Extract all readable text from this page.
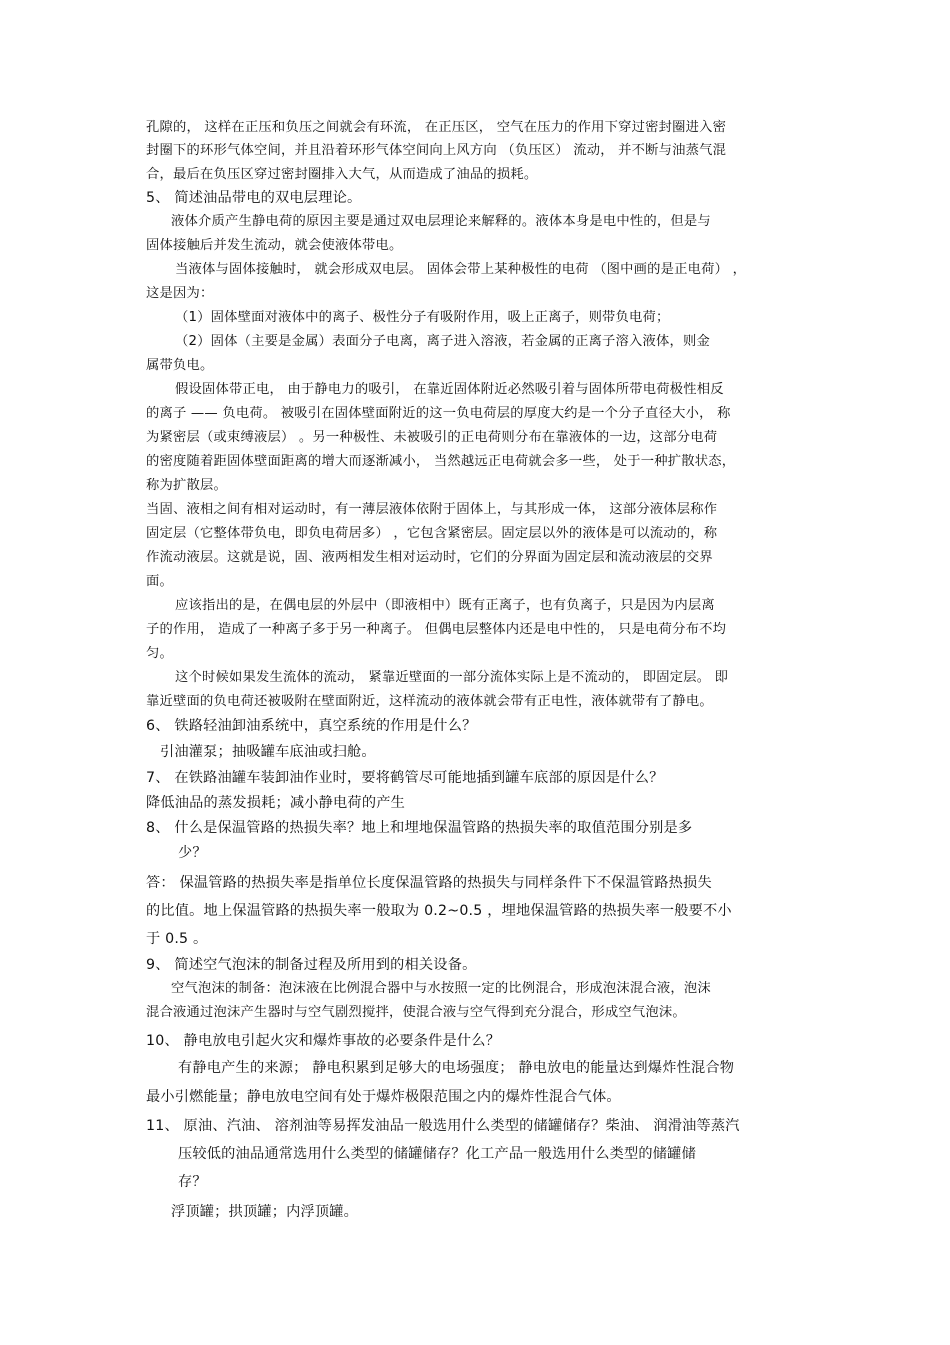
孔隙的， 这样在正压和负压之间就会有环流， 在正压区， 空气在压力的作用下穿过密封圈进入密
封圈下的环形气体空间，并且沿着环形气体空间向上风方向 （负压区） 流动， 并不断与油蒸气混
合，最后在负压区穿过密封圈排入大气，从而造成了油品的损耗。
5、 简述油品带电的双电层理论。
液体介质产生静电荷的原因主要是通过双电层理论来解释的。液体本身是电中性的，但是与
固体接触后并发生流动，就会使液体带电。
当液体与固体接触时， 就会形成双电层。 固体会带上某种极性的电荷 （图中画的是正电荷） ，
这是因为：
（1）固体壁面对液体中的离子、极性分子有吸附作用，吸上正离子，则带负电荷；
（2）固体（主要是金属）表面分子电离，离子进入溶液，若金属的正离子溶入液体，则金
属带负电。
假设固体带正电， 由于静电力的吸引， 在靠近固体附近必然吸引着与固体所带电荷极性相反
的离子 —— 负电荷。 被吸引在固体壁面附近的这一负电荷层的厚度大约是一个分子直径大小， 称
为紧密层（或束缚液层） 。另一种极性、未被吸引的正电荷则分布在靠液体的一边，这部分电荷
的密度随着距固体壁面距离的增大而逐渐减小， 当然越远正电荷就会多一些， 处于一种扩散状态，
称为扩散层。
当固、液相之间有相对运动时，有一薄层液体依附于固体上，与其形成一体， 这部分液体层称作
固定层（它整体带负电，即负电荷居多） ，它包含紧密层。固定层以外的液体是可以流动的，称
作流动液层。这就是说，固、液两相发生相对运动时，它们的分界面为固定层和流动液层的交界
面。
应该指出的是，在偶电层的外层中（即液相中）既有正离子，也有负离子，只是因为内层离
子的作用， 造成了一种离子多于另一种离子。 但偶电层整体内还是电中性的， 只是电荷分布不均
匀。
这个时候如果发生流体的流动， 紧靠近壁面的一部分流体实际上是不流动的， 即固定层。 即
靠近壁面的负电荷还被吸附在壁面附近，这样流动的液体就会带有正电性，液体就带有了静电。
6、 铁路轻油卸油系统中，真空系统的作用是什么？
引油灌泵；抽吸罐车底油或扫舱。
7、 在铁路油罐车装卸油作业时，要将鹤管尽可能地插到罐车底部的原因是什么？
降低油品的蒸发损耗；减小静电荷的产生
8、 什么是保温管路的热损失率？地上和埋地保温管路的热损失率的取值范围分别是多
少？
答： 保温管路的热损失率是指单位长度保温管路的热损失与同样条件下不保温管路热损失
的比值。地上保温管路的热损失率一般取为 0.2~0.5 ，埋地保温管路的热损失率一般要不小
于 0.5 。
9、 简述空气泡沫的制备过程及所用到的相关设备。
空气泡沫的制备：泡沫液在比例混合器中与水按照一定的比例混合，形成泡沫混合液，泡沫
混合液通过泡沫产生器时与空气剧烈搅拌，使混合液与空气得到充分混合，形成空气泡沫。
10、 静电放电引起火灾和爆炸事故的必要条件是什么？
有静电产生的来源； 静电积累到足够大的电场强度； 静电放电的能量达到爆炸性混合物
最小引燃能量；静电放电空间有处于爆炸极限范围之内的爆炸性混合气体。
11、 原油、汽油、 溶剂油等易挥发油品一般选用什么类型的储罐储存？柴油、 润滑油等蒸汽
压较低的油品通常选用什么类型的储罐储存？化工产品一般选用什么类型的储罐储
存？
浮顶罐；拱顶罐；内浮顶罐。
